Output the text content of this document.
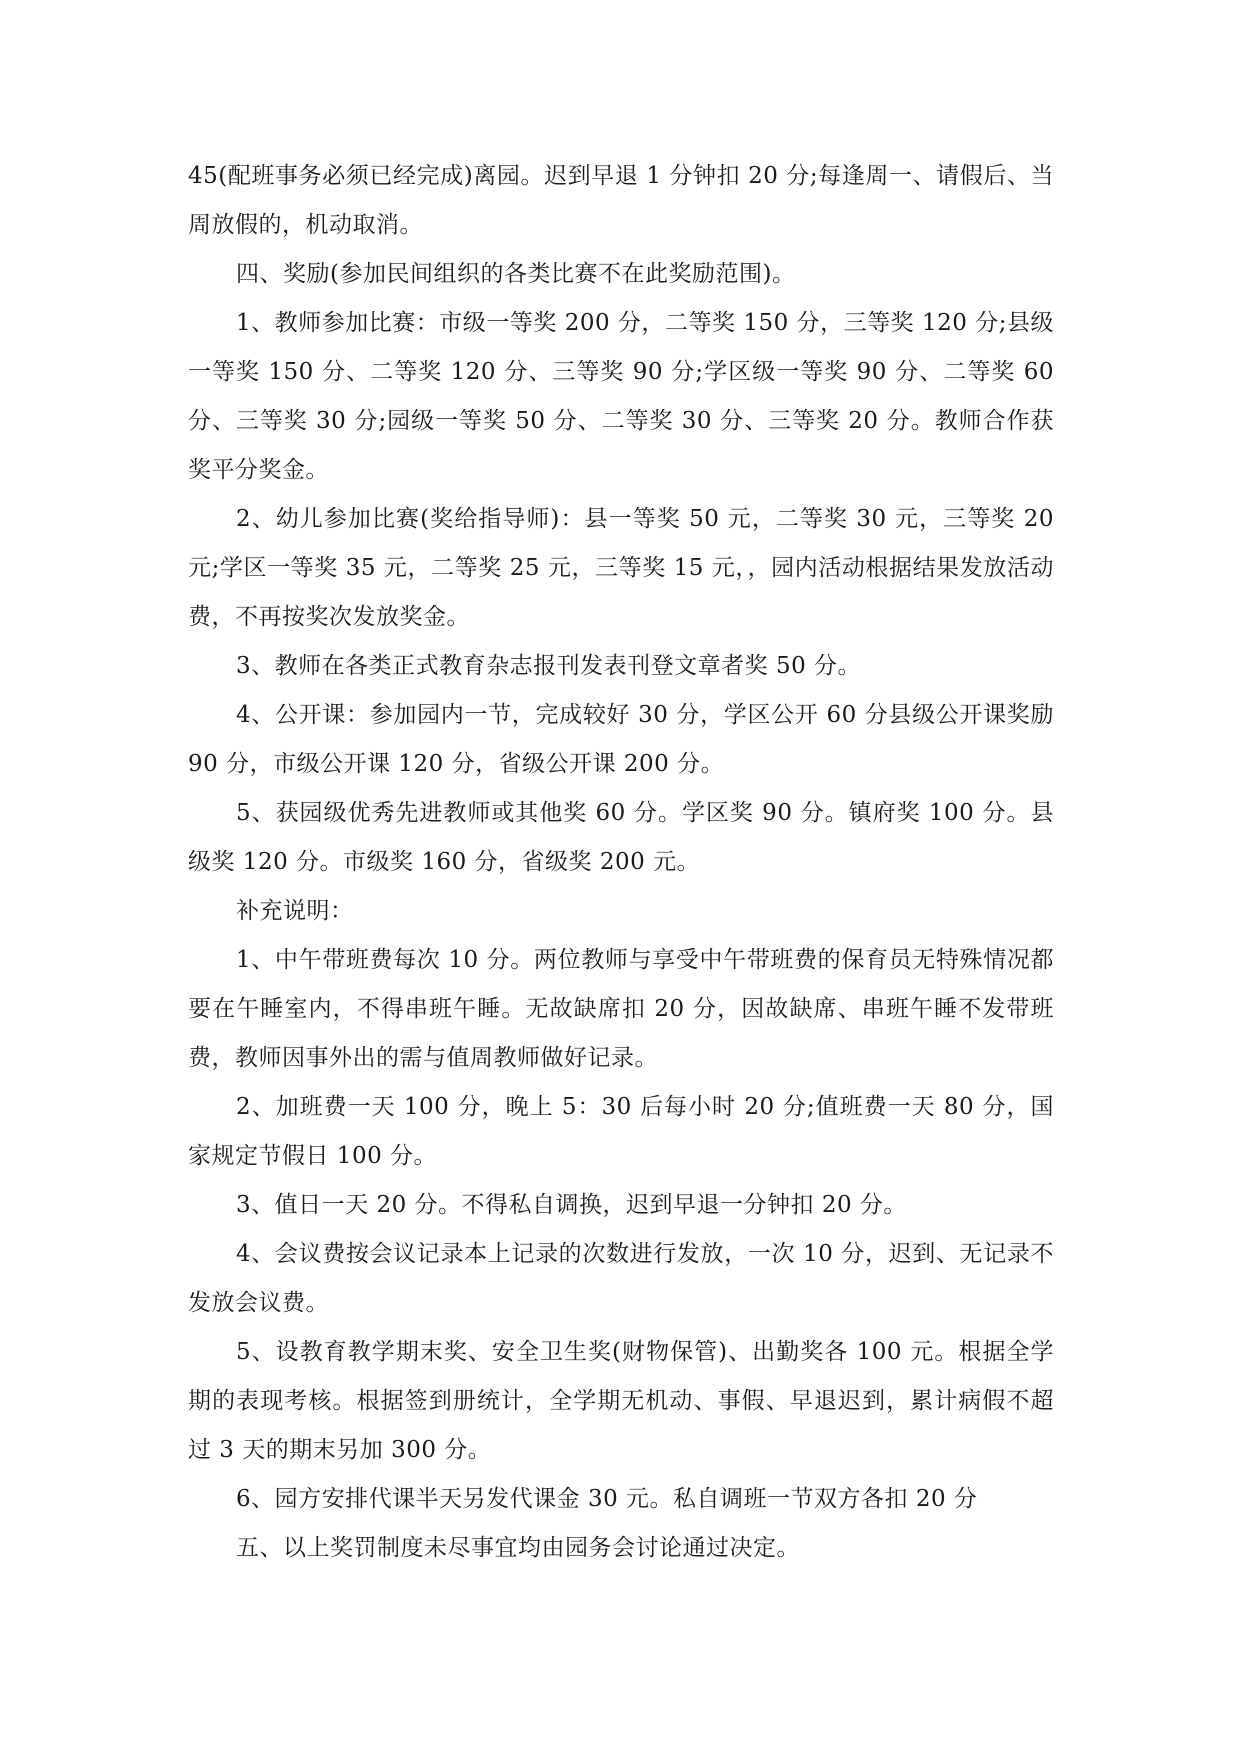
45(配班事务必须已经完成)离园。迟到早退 1 分钟扣 20 分;每逢周一、请假后、当周放假的，机动取消。

四、奖励(参加民间组织的各类比赛不在此奖励范围)。

1、教师参加比赛：市级一等奖 200 分，二等奖 150 分，三等奖 120 分;县级一等奖 150 分、二等奖 120 分、三等奖 90 分;学区级一等奖 90 分、二等奖 60 分、三等奖 30 分;园级一等奖 50 分、二等奖 30 分、三等奖 20 分。教师合作获奖平分奖金。

2、幼儿参加比赛(奖给指导师)：县一等奖 50 元，二等奖 30 元，三等奖 20 元;学区一等奖 35 元，二等奖 25 元，三等奖 15 元，，园内活动根据结果发放活动费，不再按奖次发放奖金。

3、教师在各类正式教育杂志报刊发表刊登文章者奖 50 分。

4、公开课：参加园内一节，完成较好 30 分，学区公开 60 分县级公开课奖励 90 分，市级公开课 120 分，省级公开课 200 分。

5、获园级优秀先进教师或其他奖 60 分。学区奖 90 分。镇府奖 100 分。县级奖 120 分。市级奖 160 分，省级奖 200 元。

补充说明：

1、中午带班费每次 10 分。两位教师与享受中午带班费的保育员无特殊情况都要在午睡室内，不得串班午睡。无故缺席扣 20 分，因故缺席、串班午睡不发带班费，教师因事外出的需与值周教师做好记录。

2、加班费一天 100 分，晚上 5：30 后每小时 20 分;值班费一天 80 分，国家规定节假日 100 分。

3、值日一天 20 分。不得私自调换，迟到早退一分钟扣 20 分。

4、会议费按会议记录本上记录的次数进行发放，一次 10 分，迟到、无记录不发放会议费。

5、设教育教学期末奖、安全卫生奖(财物保管)、出勤奖各 100 元。根据全学期的表现考核。根据签到册统计，全学期无机动、事假、早退迟到，累计病假不超过 3 天的期末另加 300 分。

6、园方安排代课半天另发代课金 30 元。私自调班一节双方各扣 20 分

五、以上奖罚制度未尽事宜均由园务会讨论通过决定。
